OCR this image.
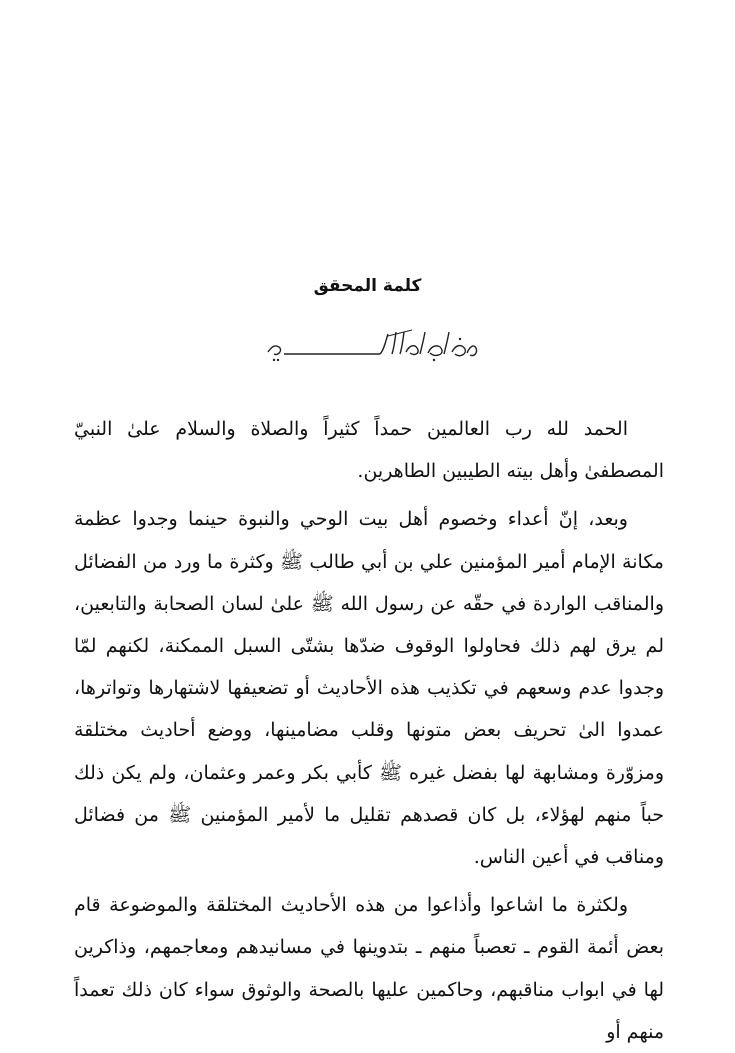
كلمة المحقق

الحمد لله رب العالمين حمداً كثيراً والصلاة والسلام علىٰ النبيّ المصطفىٰ وأهل بيته الطيبين الطاهرين.

وبعد، إنّ أعداء وخصوم أهل بيت الوحي والنبوة حينما وجدوا عظمة مكانة الإمام أمير المؤمنين علي بن أبي طالب ﷺ وكثرة ما ورد من الفضائل والمناقب الواردة في حقّه عن رسول الله ﷺ علىٰ لسان الصحابة والتابعين، لم يرق لهم ذلك فحاولوا الوقوف ضدّها بشتّى السبل الممكنة، لكنهم لمّا وجدوا عدم وسعهم في تكذيب هذه الأحاديث أو تضعيفها لاشتهارها وتواترها، عمدوا الىٰ تحريف بعض متونها وقلب مضامينها، ووضع أحاديث مختلقة ومزوّرة ومشابهة لها بفضل غيره ﷺ كأبي بكر وعمر وعثمان، ولم يكن ذلك حباً منهم لهؤلاء، بل كان قصدهم تقليل ما لأمير المؤمنين ﷺ من فضائل ومناقب في أعين الناس.

ولكثرة ما اشاعوا وأذاعوا من هذه الأحاديث المختلقة والموضوعة قام بعض أئمة القوم ـ تعصباً منهم ـ بتدوينها في مسانيدهم ومعاجمهم، وذاكرين لها في ابواب مناقبهم، وحاكمين عليها بالصحة والوثوق سواء كان ذلك تعمداً منهم أو
